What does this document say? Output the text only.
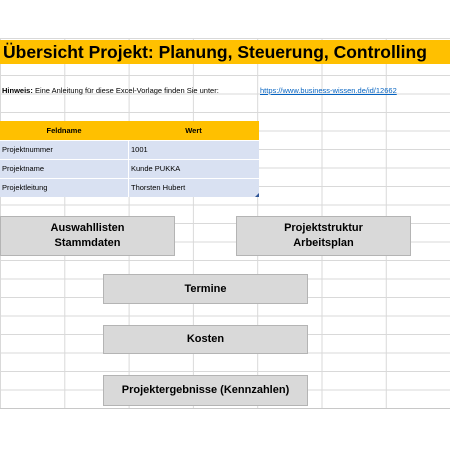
Übersicht Projekt: Planung, Steuerung, Controlling
Hinweis: Eine Anleitung für diese Excel-Vorlage finden Sie unter:	https://www.business-wissen.de/id/12662
Feldname	Wert
Projektnummer	1001
Projektname	Kunde PUKKA
Projektleitung	Thorsten Hubert
Auswahllisten
Stammdaten
Projektstruktur
Arbeitsplan
Termine
Kosten
Projektergebnisse (Kennzahlen)
